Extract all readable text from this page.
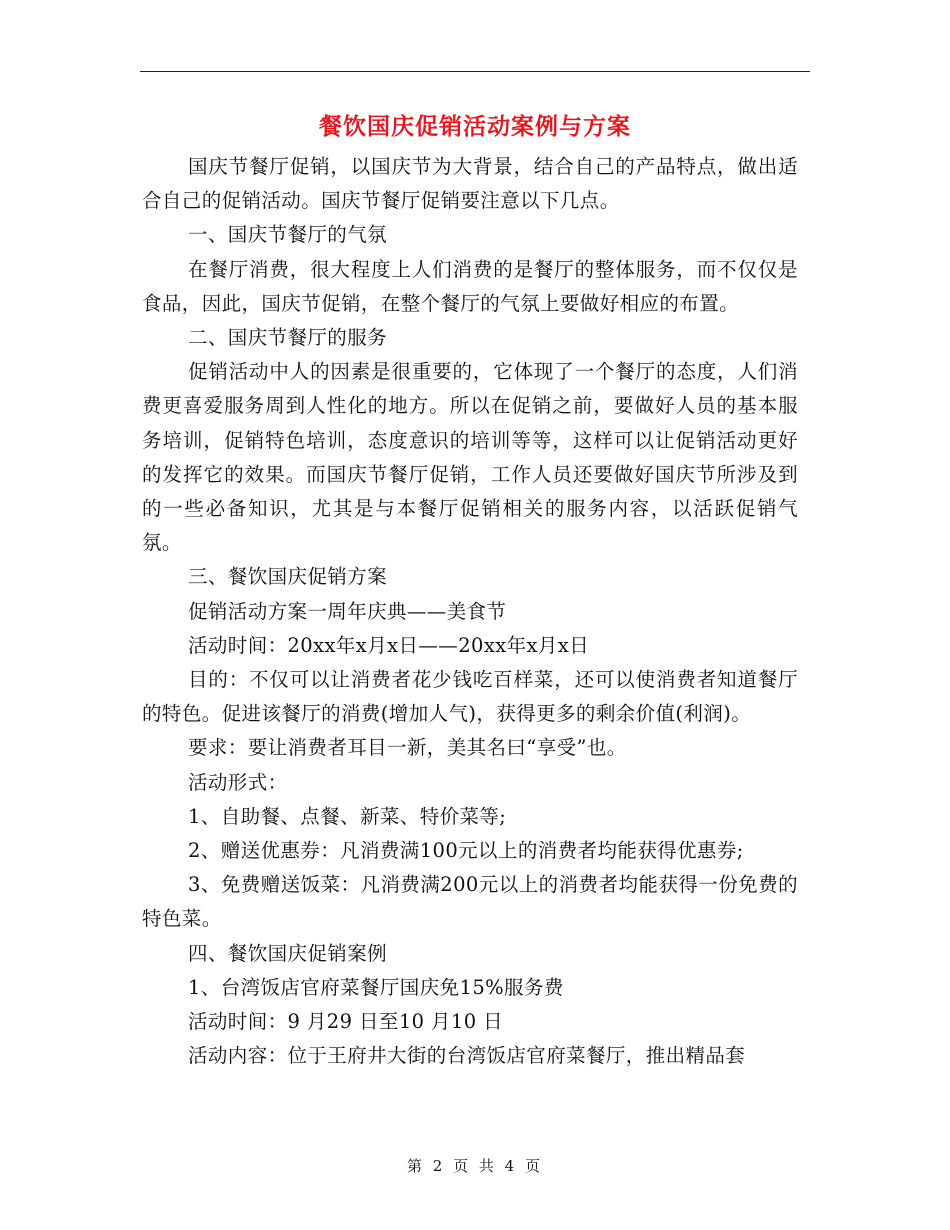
餐饮国庆促销活动案例与方案

国庆节餐厅促销，以国庆节为大背景，结合自己的产品特点，做出适合自己的促销活动。国庆节餐厅促销要注意以下几点。

一、国庆节餐厅的气氛

在餐厅消费，很大程度上人们消费的是餐厅的整体服务，而不仅仅是食品，因此，国庆节促销，在整个餐厅的气氛上要做好相应的布置。

二、国庆节餐厅的服务

促销活动中人的因素是很重要的，它体现了一个餐厅的态度，人们消费更喜爱服务周到人性化的地方。所以在促销之前，要做好人员的基本服务培训，促销特色培训，态度意识的培训等等，这样可以让促销活动更好的发挥它的效果。而国庆节餐厅促销，工作人员还要做好国庆节所涉及到的一些必备知识，尤其是与本餐厅促销相关的服务内容，以活跃促销气氛。

三、餐饮国庆促销方案

促销活动方案一周年庆典——美食节

活动时间：20xx年x月x日——20xx年x月x日

目的：不仅可以让消费者花少钱吃百样菜，还可以使消费者知道餐厅的特色。促进该餐厅的消费(增加人气)，获得更多的剩余价值(利润)。

要求：要让消费者耳目一新，美其名曰“享受”也。

活动形式：

1、自助餐、点餐、新菜、特价菜等;

2、赠送优惠券：凡消费满100元以上的消费者均能获得优惠券;

3、免费赠送饭菜：凡消费满200元以上的消费者均能获得一份免费的特色菜。

四、餐饮国庆促销案例

1、台湾饭店官府菜餐厅国庆免15%服务费

活动时间：9 月29 日至10 月10 日

活动内容：位于王府井大街的台湾饭店官府菜餐厅，推出精品套

第 2 页 共 4 页
